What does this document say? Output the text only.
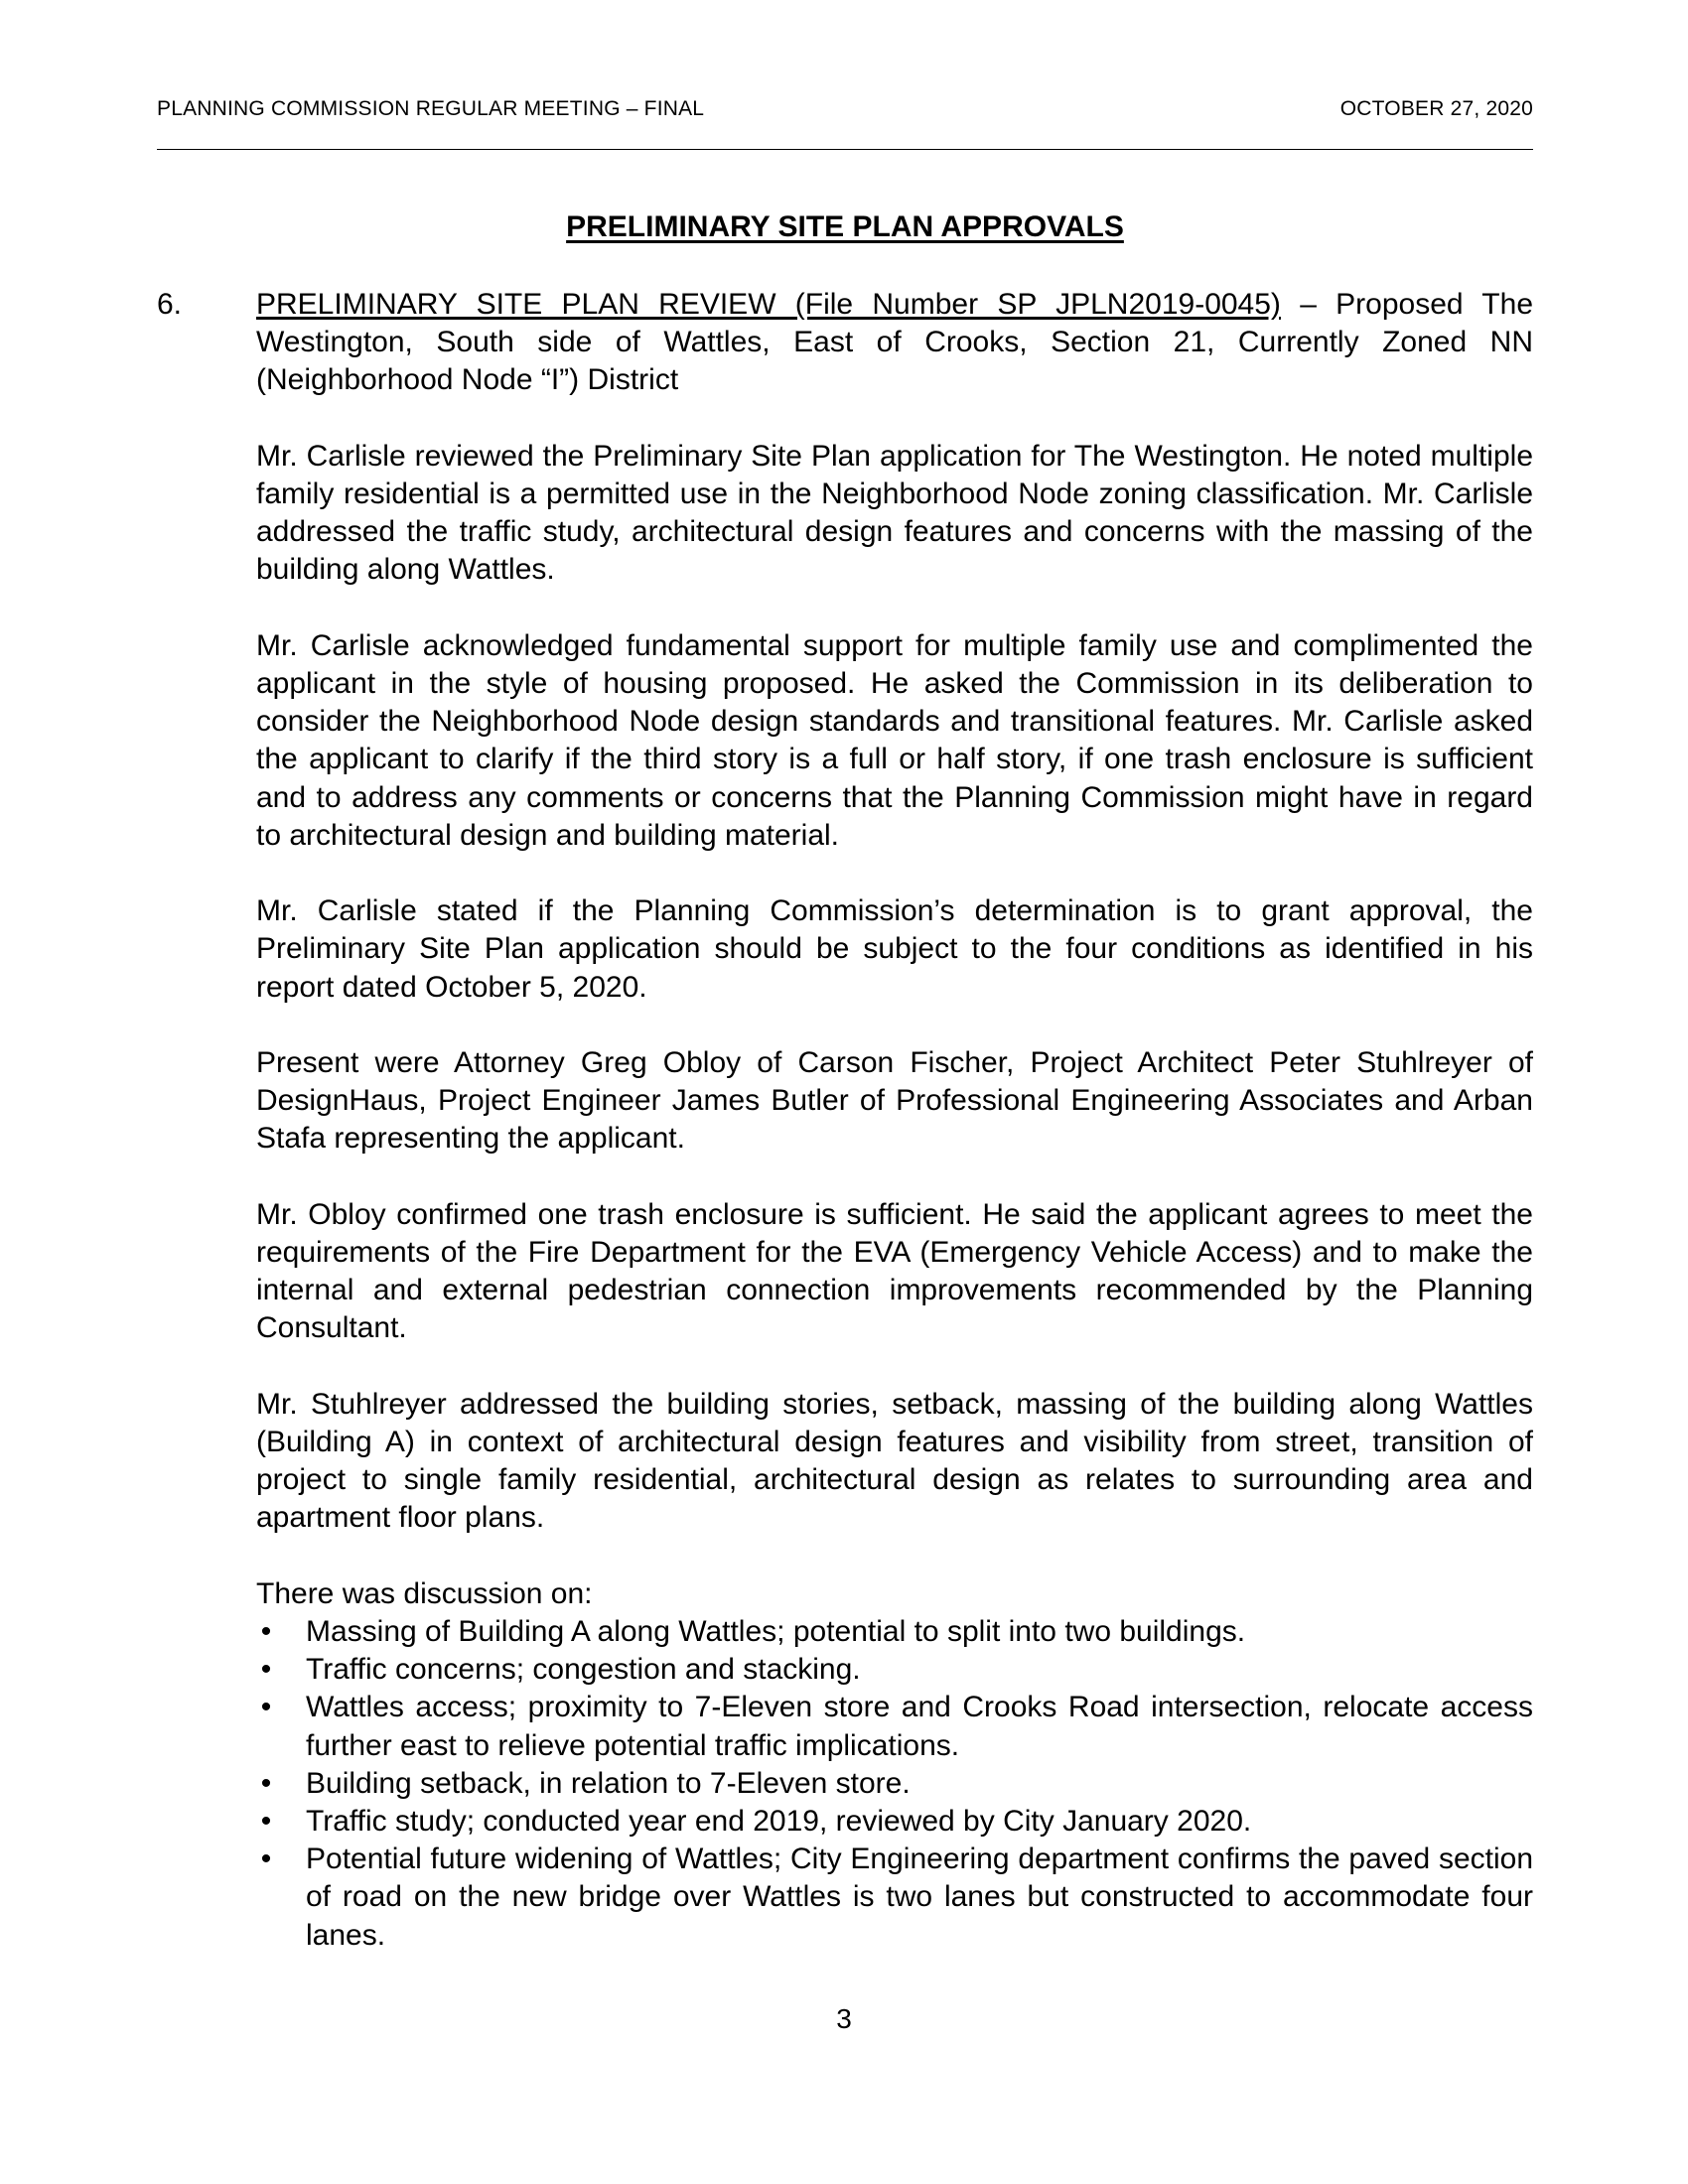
PLANNING COMMISSION REGULAR MEETING – FINAL	OCTOBER 27, 2020
PRELIMINARY SITE PLAN APPROVALS
6. PRELIMINARY SITE PLAN REVIEW (File Number SP JPLN2019-0045) – Proposed The Westington, South side of Wattles, East of Crooks, Section 21, Currently Zoned NN (Neighborhood Node “I”) District

Mr. Carlisle reviewed the Preliminary Site Plan application for The Westington. He noted multiple family residential is a permitted use in the Neighborhood Node zoning classification. Mr. Carlisle addressed the traffic study, architectural design features and concerns with the massing of the building along Wattles.

Mr. Carlisle acknowledged fundamental support for multiple family use and complimented the applicant in the style of housing proposed. He asked the Commission in its deliberation to consider the Neighborhood Node design standards and transitional features. Mr. Carlisle asked the applicant to clarify if the third story is a full or half story, if one trash enclosure is sufficient and to address any comments or concerns that the Planning Commission might have in regard to architectural design and building material.

Mr. Carlisle stated if the Planning Commission’s determination is to grant approval, the Preliminary Site Plan application should be subject to the four conditions as identified in his report dated October 5, 2020.

Present were Attorney Greg Obloy of Carson Fischer, Project Architect Peter Stuhlreyer of DesignHaus, Project Engineer James Butler of Professional Engineering Associates and Arban Stafa representing the applicant.

Mr. Obloy confirmed one trash enclosure is sufficient. He said the applicant agrees to meet the requirements of the Fire Department for the EVA (Emergency Vehicle Access) and to make the internal and external pedestrian connection improvements recommended by the Planning Consultant.

Mr. Stuhlreyer addressed the building stories, setback, massing of the building along Wattles (Building A) in context of architectural design features and visibility from street, transition of project to single family residential, architectural design as relates to surrounding area and apartment floor plans.

There was discussion on:

• Massing of Building A along Wattles; potential to split into two buildings.
• Traffic concerns; congestion and stacking.
• Wattles access; proximity to 7-Eleven store and Crooks Road intersection, relocate access further east to relieve potential traffic implications.
• Building setback, in relation to 7-Eleven store.
• Traffic study; conducted year end 2019, reviewed by City January 2020.
• Potential future widening of Wattles; City Engineering department confirms the paved section of road on the new bridge over Wattles is two lanes but constructed to accommodate four lanes.
3
